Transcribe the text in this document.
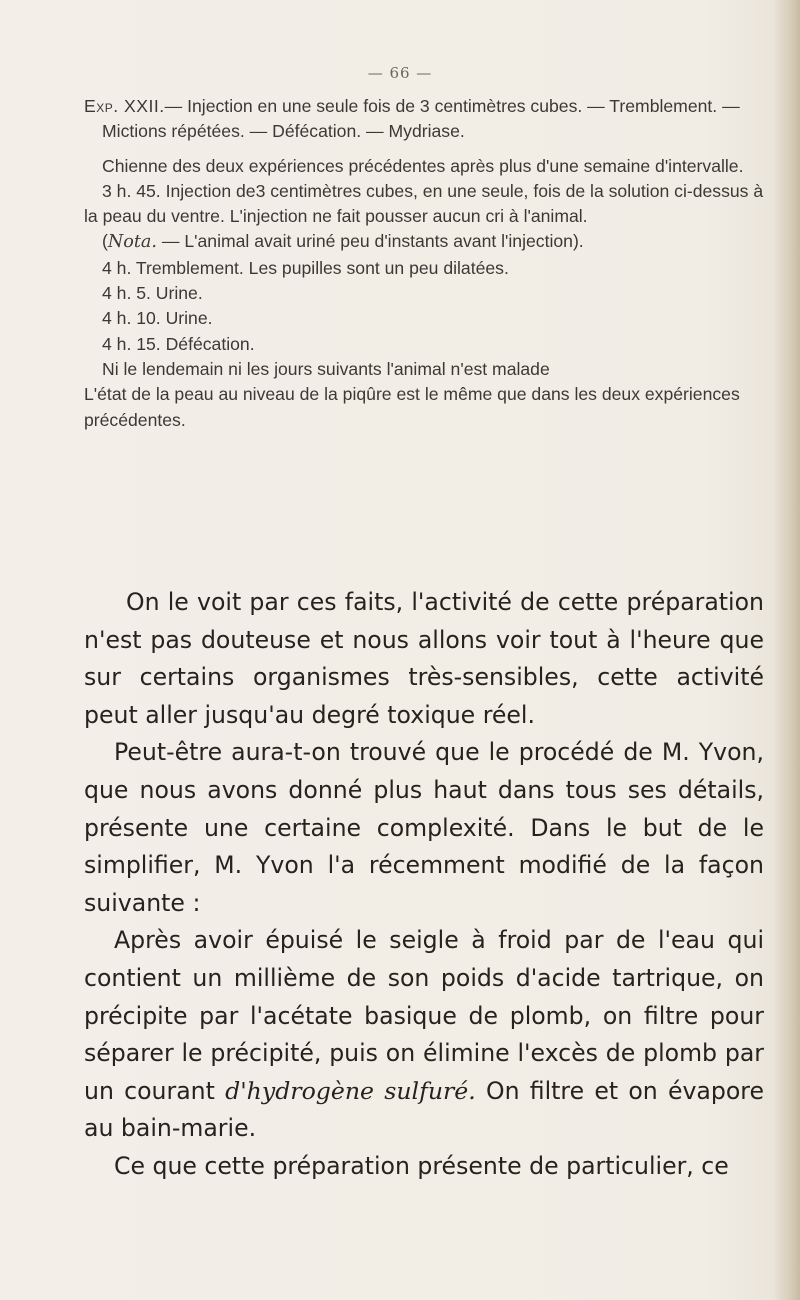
— 66 —

Exp. XXII.— Injection en une seule fois de 3 centimètres cubes. — Tremblement. — Mictions répétées. — Défécation. — Mydriase.

Chienne des deux expériences précédentes après plus d'une semaine d'intervalle.

3 h. 45. Injection de3 centimètres cubes, en une seule, fois de la solution ci-dessus à la peau du ventre. L'injection ne fait pousser aucun cri à l'animal.

(Nota. — L'animal avait uriné peu d'instants avant l'injection).

4 h. Tremblement. Les pupilles sont un peu dilatées.

4 h. 5. Urine.

4 h. 10. Urine.

4 h. 15. Défécation.

Ni le lendemain ni les jours suivants l'animal n'est malade

L'état de la peau au niveau de la piqûre est le même que dans les deux expériences précédentes.

On le voit par ces faits, l'activité de cette préparation n'est pas douteuse et nous allons voir tout à l'heure que sur certains organismes très-sensibles, cette activité peut aller jusqu'au degré toxique réel.

Peut-être aura-t-on trouvé que le procédé de M. Yvon, que nous avons donné plus haut dans tous ses détails, présente une certaine complexité. Dans le but de le simplifier, M. Yvon l'a récemment modifié de la façon suivante :

Après avoir épuisé le seigle à froid par de l'eau qui contient un millième de son poids d'acide tartrique, on précipite par l'acétate basique de plomb, on filtre pour séparer le précipité, puis on élimine l'excès de plomb par un courant d'hydrogène sulfuré. On filtre et on évapore au bain-marie.

Ce que cette préparation présente de particulier, ce
